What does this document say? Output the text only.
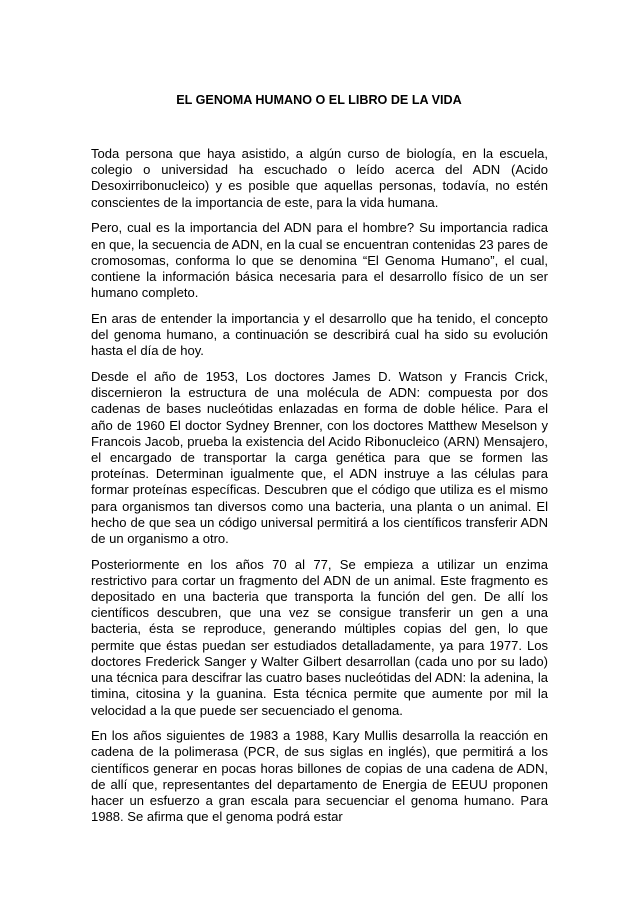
EL GENOMA HUMANO O EL LIBRO DE LA VIDA

Toda persona que haya asistido, a algún curso de biología, en la escuela, colegio o universidad ha escuchado o leído acerca del ADN (Acido Desoxirribonucleico) y es posible que aquellas personas, todavía, no estén conscientes de la importancia de este, para la vida humana.

Pero, cual es la importancia del ADN para el hombre? Su importancia radica en que, la secuencia de ADN, en la cual se encuentran contenidas 23 pares de cromosomas, conforma lo que se denomina “El Genoma Humano”, el cual, contiene la información básica necesaria para el desarrollo físico de un ser humano completo.

En aras de entender la importancia y el desarrollo que ha tenido, el concepto del genoma humano, a continuación se describirá cual ha sido su evolución hasta el día de hoy.

Desde el año de 1953, Los doctores James D. Watson y Francis Crick, discernieron la estructura de una molécula de ADN: compuesta por dos cadenas de bases nucleótidas enlazadas en forma de doble hélice. Para el año de 1960 El doctor Sydney Brenner, con los doctores Matthew Meselson y Francois Jacob, prueba la existencia del Acido Ribonucleico (ARN) Mensajero, el encargado de transportar la carga genética para que se formen las proteínas. Determinan igualmente que, el ADN instruye a las células para formar proteínas específicas. Descubren que el código que utiliza es el mismo para organismos tan diversos como una bacteria, una planta o un animal. El hecho de que sea un código universal permitirá a los científicos transferir ADN de un organismo a otro.

Posteriormente en los años 70 al 77, Se empieza a utilizar un enzima restrictivo para cortar un fragmento del ADN de un animal. Este fragmento es depositado en una bacteria que transporta la función del gen. De allí los científicos descubren, que una vez se consigue transferir un gen a una bacteria, ésta se reproduce, generando múltiples copias del gen, lo que permite que éstas puedan ser estudiados detalladamente, ya para 1977. Los doctores Frederick Sanger y Walter Gilbert desarrollan (cada uno por su lado) una técnica para descifrar las cuatro bases nucleótidas del ADN: la adenina, la timina, citosina y la guanina. Esta técnica permite que aumente por mil la velocidad a la que puede ser secuenciado el genoma.

En los años siguientes de 1983 a 1988, Kary Mullis desarrolla la reacción en cadena de la polimerasa (PCR, de sus siglas en inglés), que permitirá a los científicos generar en pocas horas billones de copias de una cadena de ADN, de allí que, representantes del departamento de Energia de EEUU proponen hacer un esfuerzo a gran escala para secuenciar el genoma humano. Para 1988. Se afirma que el genoma podrá estar
